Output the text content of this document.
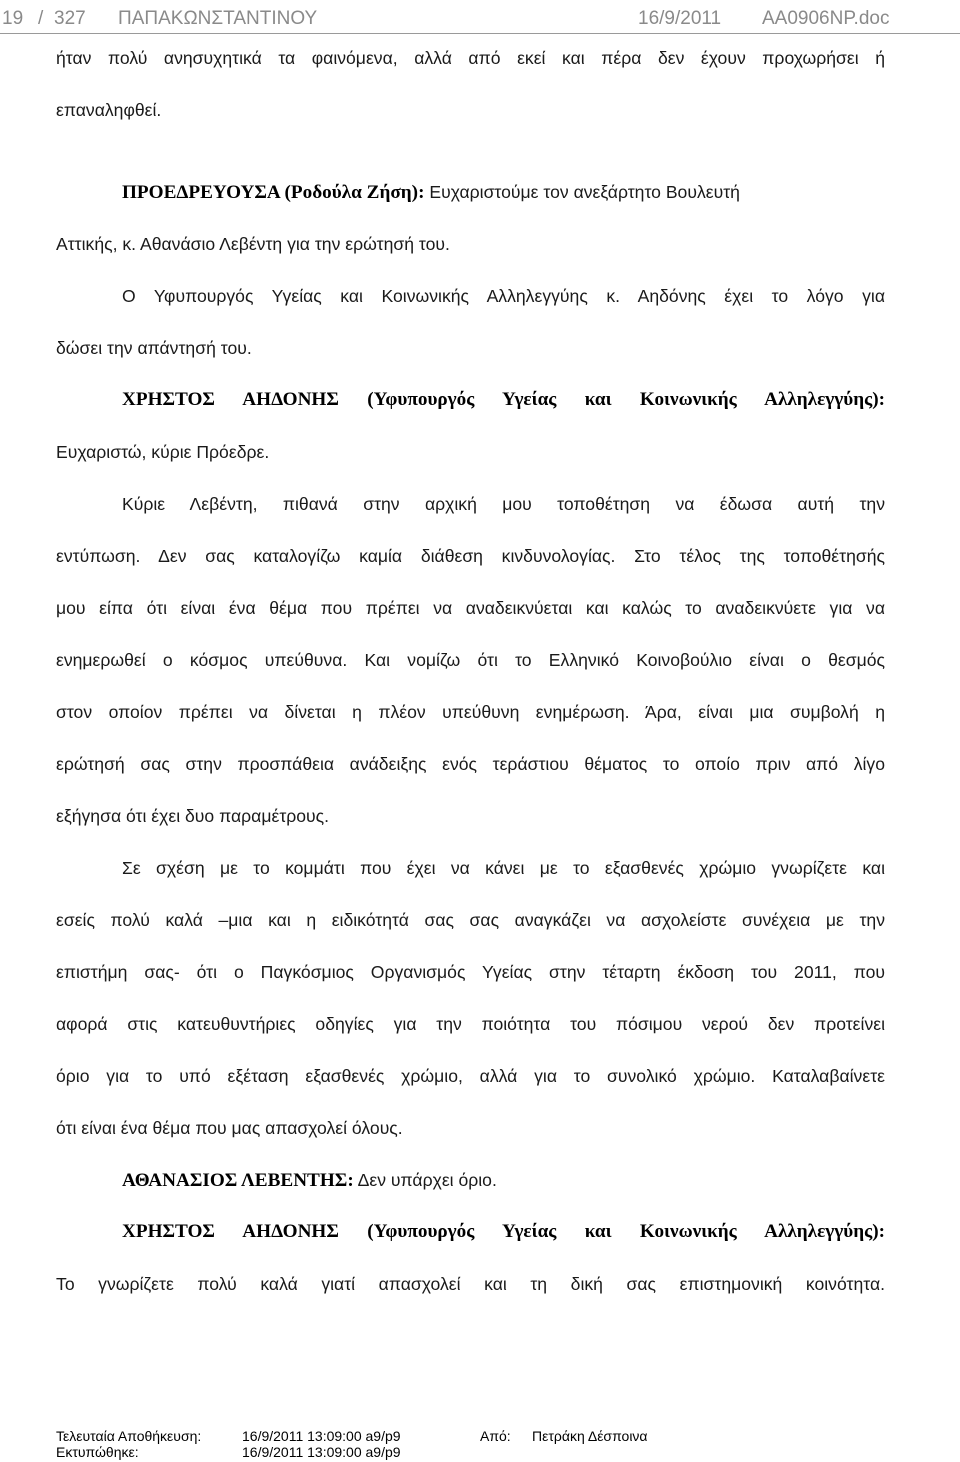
19 / 327 ΠΑΠΑΚΩΝΣΤΑΝΤΙΝΟΥ	16/9/2011 AA0906NP.doc
ήταν πολύ ανησυχητικά τα φαινόμενα, αλλά από εκεί και πέρα δεν έχουν προχωρήσει ή
επαναληφθεί.
ΠΡΟΕΔΡΕΥΟΥΣΑ (Ροδούλα Ζήση): Ευχαριστούμε τον ανεξάρτητο Βουλευτή
Αττικής, κ. Αθανάσιο Λεβέντη για την ερώτησή του.
Ο Υφυπουργός Υγείας και Κοινωνικής Αλληλεγγύης κ. Αηδόνης έχει το λόγο για
δώσει την απάντησή του.
ΧΡΗΣΤΟΣ ΑΗΔΟΝΗΣ (Υφυπουργός Υγείας και Κοινωνικής Αλληλεγγύης):
Ευχαριστώ, κύριε Πρόεδρε.
Κύριε Λεβέντη, πιθανά στην αρχική μου τοποθέτηση να έδωσα αυτή την
εντύπωση. Δεν σας καταλογίζω καμία διάθεση κινδυνολογίας. Στο τέλος της τοποθέτησής
μου είπα ότι είναι ένα θέμα που πρέπει να αναδεικνύεται και καλώς το αναδεικνύετε για να
ενημερωθεί ο κόσμος υπεύθυνα. Και νομίζω ότι το Ελληνικό Κοινοβούλιο είναι ο θεσμός
στον οποίον πρέπει να δίνεται η πλέον υπεύθυνη ενημέρωση. Άρα, είναι μια συμβολή η
ερώτησή σας στην προσπάθεια ανάδειξης ενός τεράστιου θέματος το οποίο πριν από λίγο
εξήγησα ότι έχει δυο παραμέτρους.
Σε σχέση με το κομμάτι που έχει να κάνει με το εξασθενές χρώμιο γνωρίζετε και
εσείς πολύ καλά –μια και η ειδικότητά σας σας αναγκάζει να ασχολείστε συνέχεια με την
επιστήμη σας- ότι ο Παγκόσμιος Οργανισμός Υγείας στην τέταρτη έκδοση του 2011, που
αφορά στις κατευθυντήριες οδηγίες για την ποιότητα του πόσιμου νερού δεν προτείνει
όριο για το υπό εξέταση εξασθενές χρώμιο, αλλά για το συνολικό χρώμιο. Καταλαβαίνετε
ότι είναι ένα θέμα που μας απασχολεί όλους.
ΑΘΑΝΑΣΙΟΣ ΛΕΒΕΝΤΗΣ: Δεν υπάρχει όριο.
ΧΡΗΣΤΟΣ ΑΗΔΟΝΗΣ (Υφυπουργός Υγείας και Κοινωνικής Αλληλεγγύης):
Το γνωρίζετε πολύ καλά γιατί απασχολεί και τη δική σας επιστημονική κοινότητα.
Τελευταία Αποθήκευση:	16/9/2011 13:09:00 a9/p9	Από: Πετράκη Δέσποινα
Εκτυπώθηκε:	16/9/2011 13:09:00 a9/p9
